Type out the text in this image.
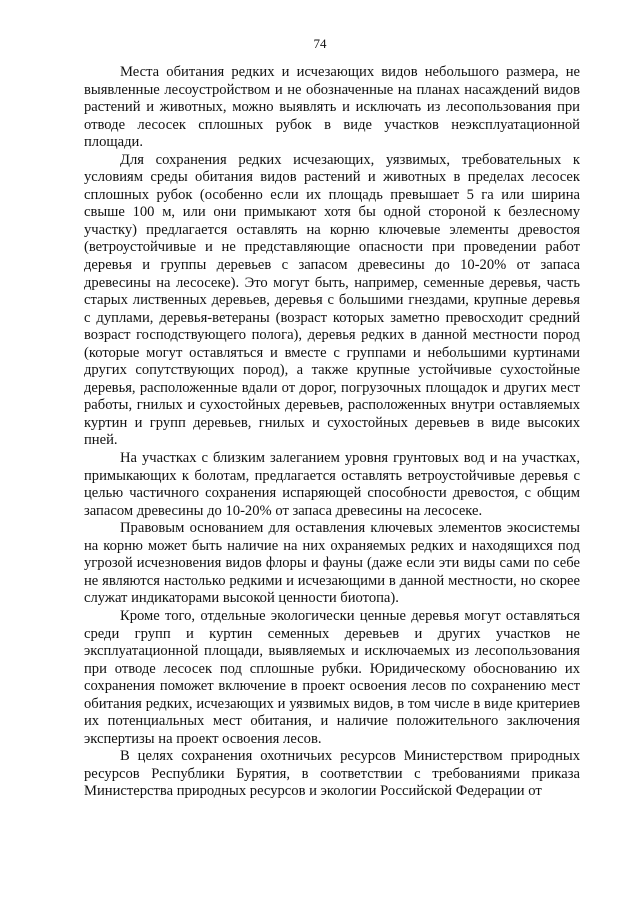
74

Места обитания редких и исчезающих видов небольшого размера, не выявленные лесоустройством и не обозначенные на планах насаждений видов растений и животных, можно выявлять и исключать из лесопользования при отводе лесосек сплошных рубок в виде участков неэксплуатационной площади.

Для сохранения редких исчезающих, уязвимых, требовательных к условиям среды обитания видов растений и животных в пределах лесосек сплошных рубок (особенно если их площадь превышает 5 га или ширина свыше 100 м, или они примыкают хотя бы одной стороной к безлесному участку) предлагается оставлять на корню ключевые элементы древостоя (ветроустойчивые и не представляющие опасности при проведении работ деревья и группы деревьев с запасом древесины до 10-20% от запаса древесины на лесосеке). Это могут быть, например, семенные деревья, часть старых лиственных деревьев, деревья с большими гнездами, крупные деревья с дуплами, деревья-ветераны (возраст которых заметно превосходит средний возраст господствующего полога), деревья редких в данной местности пород (которые могут оставляться и вместе с группами и небольшими куртинами других сопутствующих пород), а также крупные устойчивые сухостойные деревья, расположенные вдали от дорог, погрузочных площадок и других мест работы, гнилых и сухостойных деревьев, расположенных внутри оставляемых куртин и групп деревьев, гнилых и сухостойных деревьев в виде высоких пней.

На участках с близким залеганием уровня грунтовых вод и на участках, примыкающих к болотам, предлагается оставлять ветроустойчивые деревья с целью частичного сохранения испаряющей способности древостоя, с общим запасом древесины до 10-20% от запаса древесины на лесосеке.

Правовым основанием для оставления ключевых элементов экосистемы на корню может быть наличие на них охраняемых редких и находящихся под угрозой исчезновения видов флоры и фауны (даже если эти виды сами по себе не являются настолько редкими и исчезающими в данной местности, но скорее служат индикаторами высокой ценности биотопа).

Кроме того, отдельные экологически ценные деревья могут оставляться среди групп и куртин семенных деревьев и других участков не эксплуатационной площади, выявляемых и исключаемых из лесопользования при отводе лесосек под сплошные рубки. Юридическому обоснованию их сохранения поможет включение в проект освоения лесов по сохранению мест обитания редких, исчезающих и уязвимых видов, в том числе в виде критериев их потенциальных мест обитания, и наличие положительного заключения экспертизы на проект освоения лесов.

В целях сохранения охотничьих ресурсов Министерством природных ресурсов Республики Бурятия, в соответствии с требованиями приказа Министерства природных ресурсов и экологии Российской Федерации от
